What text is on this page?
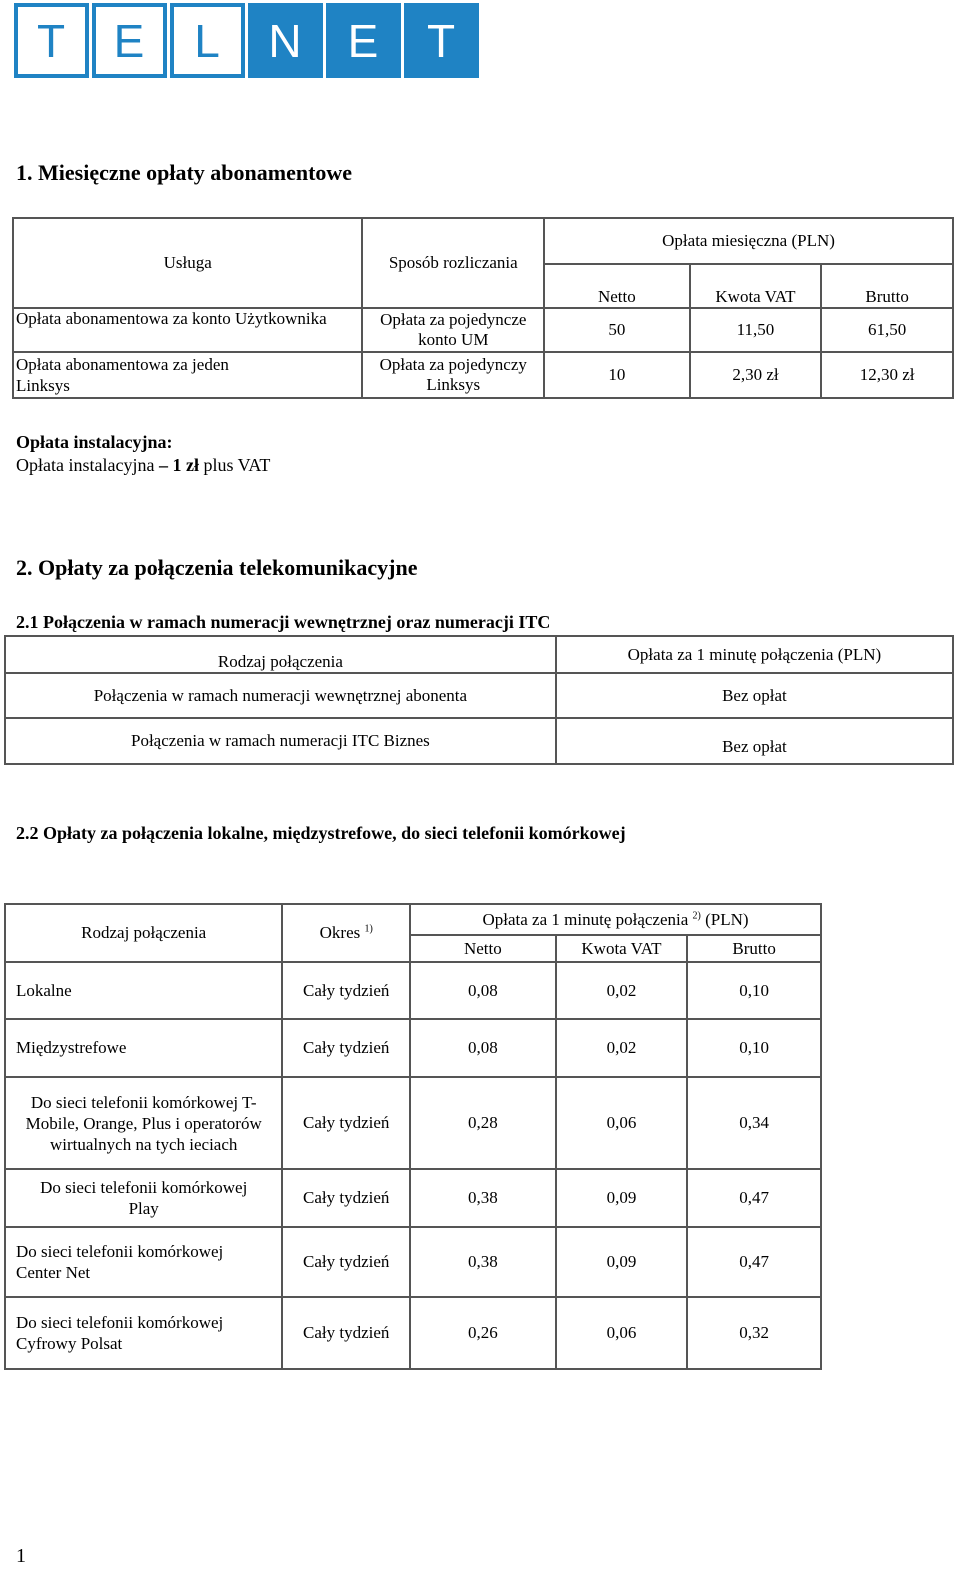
T	E	L	N E	T
1. Miesięczne opłaty abonamentowe
Usługa	Sposób rozliczania	Opłata miesięczna (PLN)		
		Netto	Kwota VAT	Brutto
Opłata abonamentowa za konto Użytkownika	Opłata za pojedyncze konto UM	50	11,50	61,50
Opłata abonamentowa za jeden Linksys	Opłata za pojedynczy Linksys	10	2,30 zł	12,30 zł
Opłata instalacyjna:
Opłata instalacyjna – 1 zł plus VAT
2. Opłaty za połączenia telekomunikacyjne
2.1 Połączenia w ramach numeracji wewnętrznej oraz numeracji ITC
Rodzaj połączenia	Opłata za 1 minutę połączenia (PLN)
Połączenia w ramach numeracji wewnętrznej abonenta	Bez opłat
Połączenia w ramach numeracji ITC Biznes	Bez opłat
2.2 Opłaty za połączenia lokalne, międzystrefowe, do sieci telefonii komórkowej
Rodzaj połączenia	Okres $^{1)}$	Opłata za 1 minutę połączenia $^{2)}$ (PLN)		
		Netto	Kwota VAT	Brutto
Lokalne	Cały tydzień	0,08	0,02	0,10
Międzystrefowe	Cały tydzień	0,08	0,02	0,10
Do sieci telefonii komórkowej T-Mobile, Orange, Plus i operatorów wirtualnych na tych ieciach	Cały tydzień	0,28	0,06	0,34
Do sieci telefonii komórkowej Play	Cały tydzień	0,38	0,09	0,47
Do sieci telefonii komórkowej Center Net	Cały tydzień	0,38	0,09	0,47
Do sieci telefonii komórkowej Cyfrowy Polsat	Cały tydzień	0,26	0,06	0,32
1
